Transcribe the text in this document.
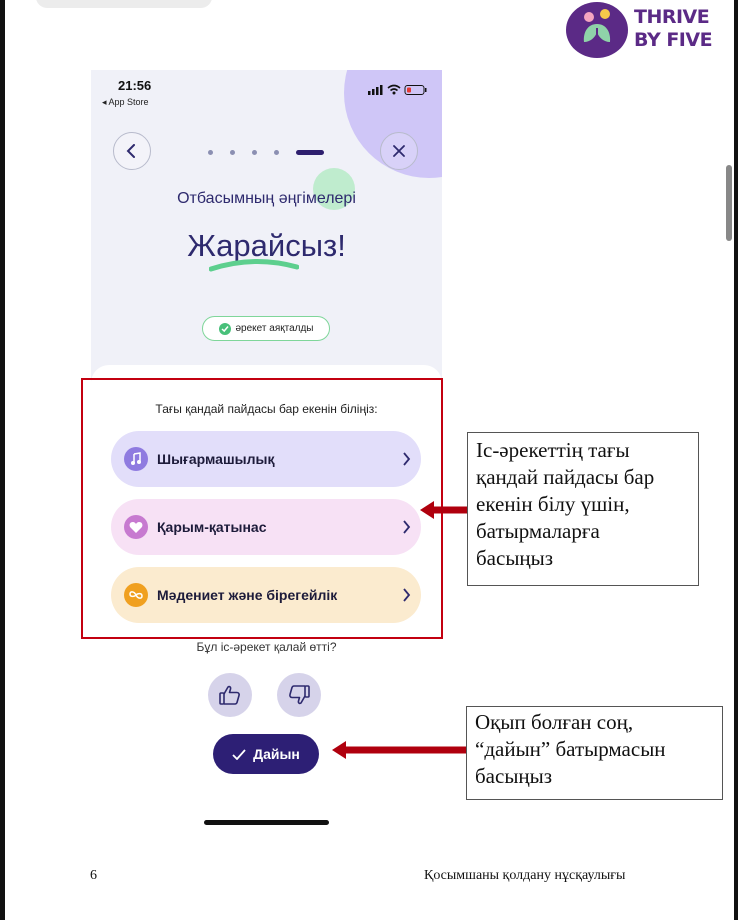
THRIVE
BY FIVE
21:56
◂ App Store
Отбасымның әңгімелері
Жарайсыз!
әрекет аяқталды
Тағы қандай пайдасы бар екенін біліңіз:
Шығармашылық
Қарым-қатынас
Мәдениет және бірегейлік
Бұл іс-әрекет қалай өтті?
Дайын
Іс-әрекеттің тағы
қандай пайдасы бар
екенін білу үшін,
батырмаларға
басыңыз
Оқып болған соң,
“дайын” батырмасын
басыңыз
6	Қосымшаны қолдану нұсқаулығы
